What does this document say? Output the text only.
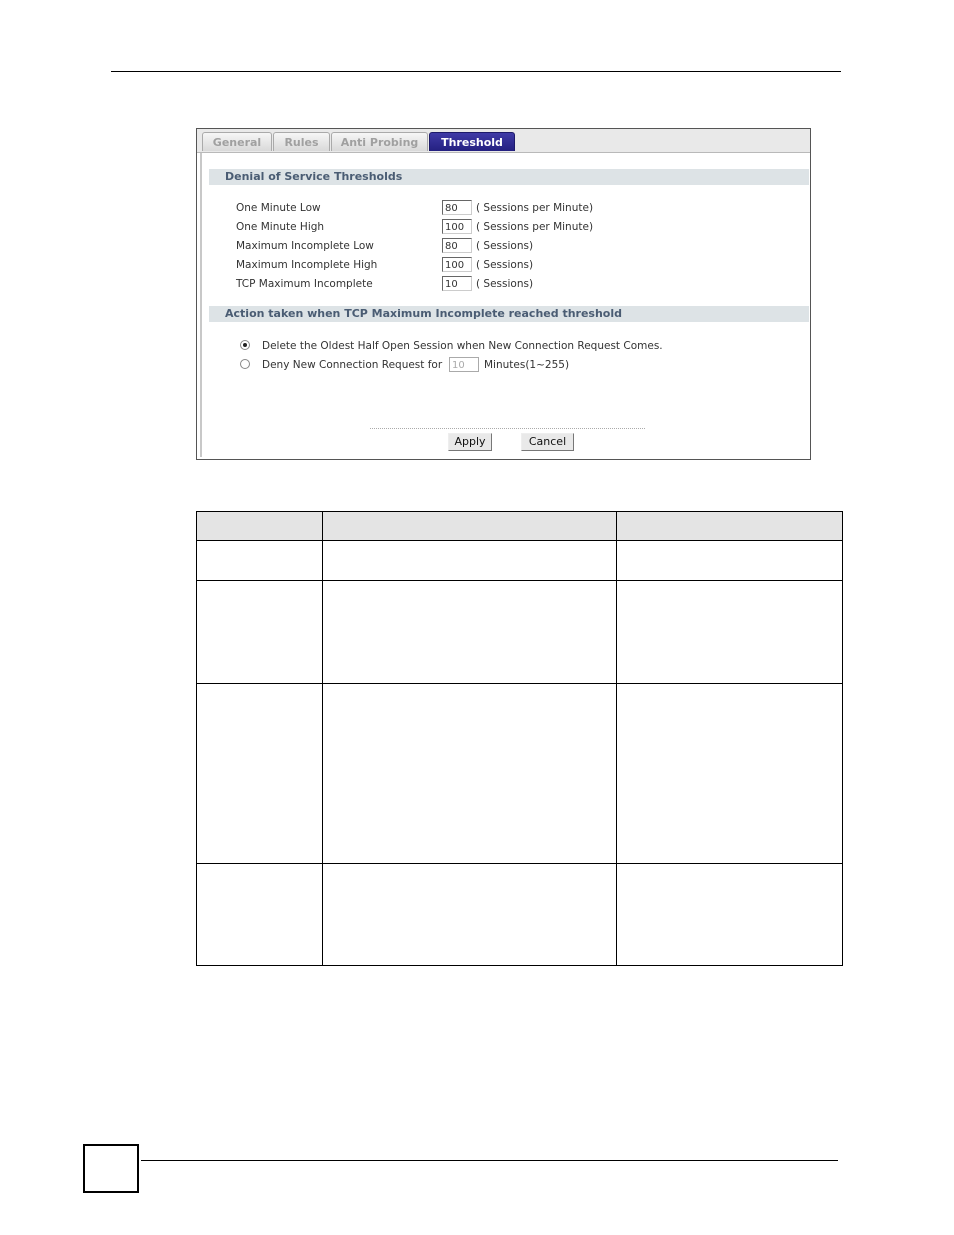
General	Rules	Anti Probing	Threshold
Denial of Service Thresholds
One Minute Low	80	( Sessions per Minute)
One Minute High	100	( Sessions per Minute)
Maximum Incomplete Low	80	( Sessions)
Maximum Incomplete High	100	( Sessions)
TCP Maximum Incomplete	10	( Sessions)
Action taken when TCP Maximum Incomplete reached threshold
Delete the Oldest Half Open Session when New Connection Request Comes.
Deny New Connection Request for 10	Minutes(1~255)
Apply	Cancel
